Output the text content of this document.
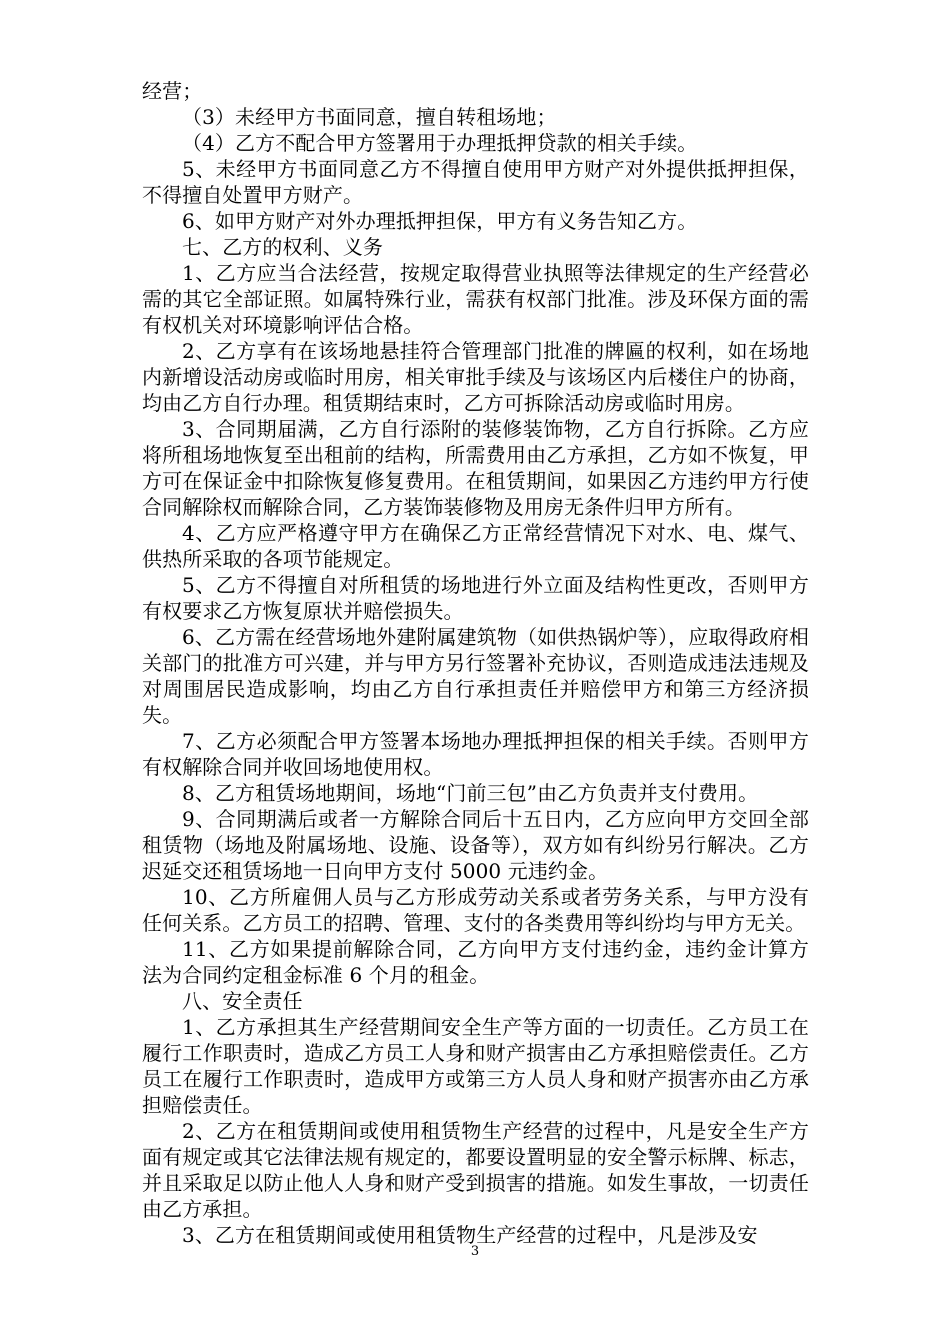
经营；

（3）未经甲方书面同意，擅自转租场地；

（4）乙方不配合甲方签署用于办理抵押贷款的相关手续。

5、未经甲方书面同意乙方不得擅自使用甲方财产对外提供抵押担保，不得擅自处置甲方财产。

6、如甲方财产对外办理抵押担保，甲方有义务告知乙方。

七、乙方的权利、义务

1、乙方应当合法经营，按规定取得营业执照等法律规定的生产经营必需的其它全部证照。如属特殊行业，需获有权部门批准。涉及环保方面的需有权机关对环境影响评估合格。

2、乙方享有在该场地悬挂符合管理部门批准的牌匾的权利，如在场地内新增设活动房或临时用房，相关审批手续及与该场区内后楼住户的协商，均由乙方自行办理。租赁期结束时，乙方可拆除活动房或临时用房。

3、合同期届满，乙方自行添附的装修装饰物，乙方自行拆除。乙方应将所租场地恢复至出租前的结构，所需费用由乙方承担，乙方如不恢复，甲方可在保证金中扣除恢复修复费用。在租赁期间，如果因乙方违约甲方行使合同解除权而解除合同，乙方装饰装修物及用房无条件归甲方所有。

4、乙方应严格遵守甲方在确保乙方正常经营情况下对水、电、煤气、供热所采取的各项节能规定。

5、乙方不得擅自对所租赁的场地进行外立面及结构性更改，否则甲方有权要求乙方恢复原状并赔偿损失。

6、乙方需在经营场地外建附属建筑物（如供热锅炉等），应取得政府相关部门的批准方可兴建，并与甲方另行签署补充协议，否则造成违法违规及对周围居民造成影响，均由乙方自行承担责任并赔偿甲方和第三方经济损失。

7、乙方必须配合甲方签署本场地办理抵押担保的相关手续。否则甲方有权解除合同并收回场地使用权。

8、乙方租赁场地期间，场地“门前三包”由乙方负责并支付费用。

9、合同期满后或者一方解除合同后十五日内，乙方应向甲方交回全部租赁物（场地及附属场地、设施、设备等），双方如有纠纷另行解决。乙方迟延交还租赁场地一日向甲方支付 5000 元违约金。

10、乙方所雇佣人员与乙方形成劳动关系或者劳务关系，与甲方没有任何关系。乙方员工的招聘、管理、支付的各类费用等纠纷均与甲方无关。

11、乙方如果提前解除合同，乙方向甲方支付违约金，违约金计算方法为合同约定租金标准 6 个月的租金。

八、安全责任

1、乙方承担其生产经营期间安全生产等方面的一切责任。乙方员工在履行工作职责时，造成乙方员工人身和财产损害由乙方承担赔偿责任。乙方员工在履行工作职责时，造成甲方或第三方人员人身和财产损害亦由乙方承担赔偿责任。

2、乙方在租赁期间或使用租赁物生产经营的过程中，凡是安全生产方面有规定或其它法律法规有规定的，都要设置明显的安全警示标牌、标志，并且采取足以防止他人人身和财产受到损害的措施。如发生事故，一切责任由乙方承担。

3、乙方在租赁期间或使用租赁物生产经营的过程中，凡是涉及安

3
